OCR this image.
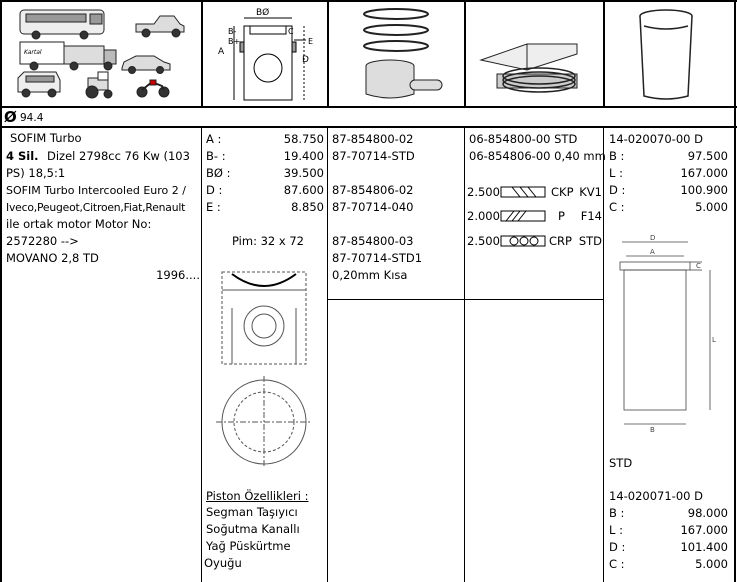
Kartal
BØ
B-
B+
A
C
E
D
Ø 94.4
SOFIM Turbo
4 Sil. Dizel 2798cc 76 Kw (103
PS) 18,5:1
SOFIM Turbo Intercooled Euro 2 /
Iveco,Peugeot,Citroen,Fiat,Renault
ile ortak motor Motor No:
2572280 -->
MOVANO 2,8 TD
1996....
A :	58.750
B- :	19.400
BØ :	39.500
D :	87.600
E :	8.850
Pim: 32 x 72
Piston Özellikleri :
Segman Taşıyıcı
Soğutma Kanallı
Yağ Püskürtme
Oyuğu
87-854800-02
87-70714-STD
87-854806-02
87-70714-040
87-854800-03
87-70714-STD1
0,20mm Kısa
06-854800-00 STD
06-854806-00 0,40 mm
2.500	CKP KV1
2.000	P	F14
2.500	CRP STD
14-020070-00 D
B :	97.500
L :	167.000
D :	100.900
C :	5.000
D
A
C
L
B
STD
14-020071-00 D
B :	98.000
L :	167.000
D :	101.400
C :	5.000
